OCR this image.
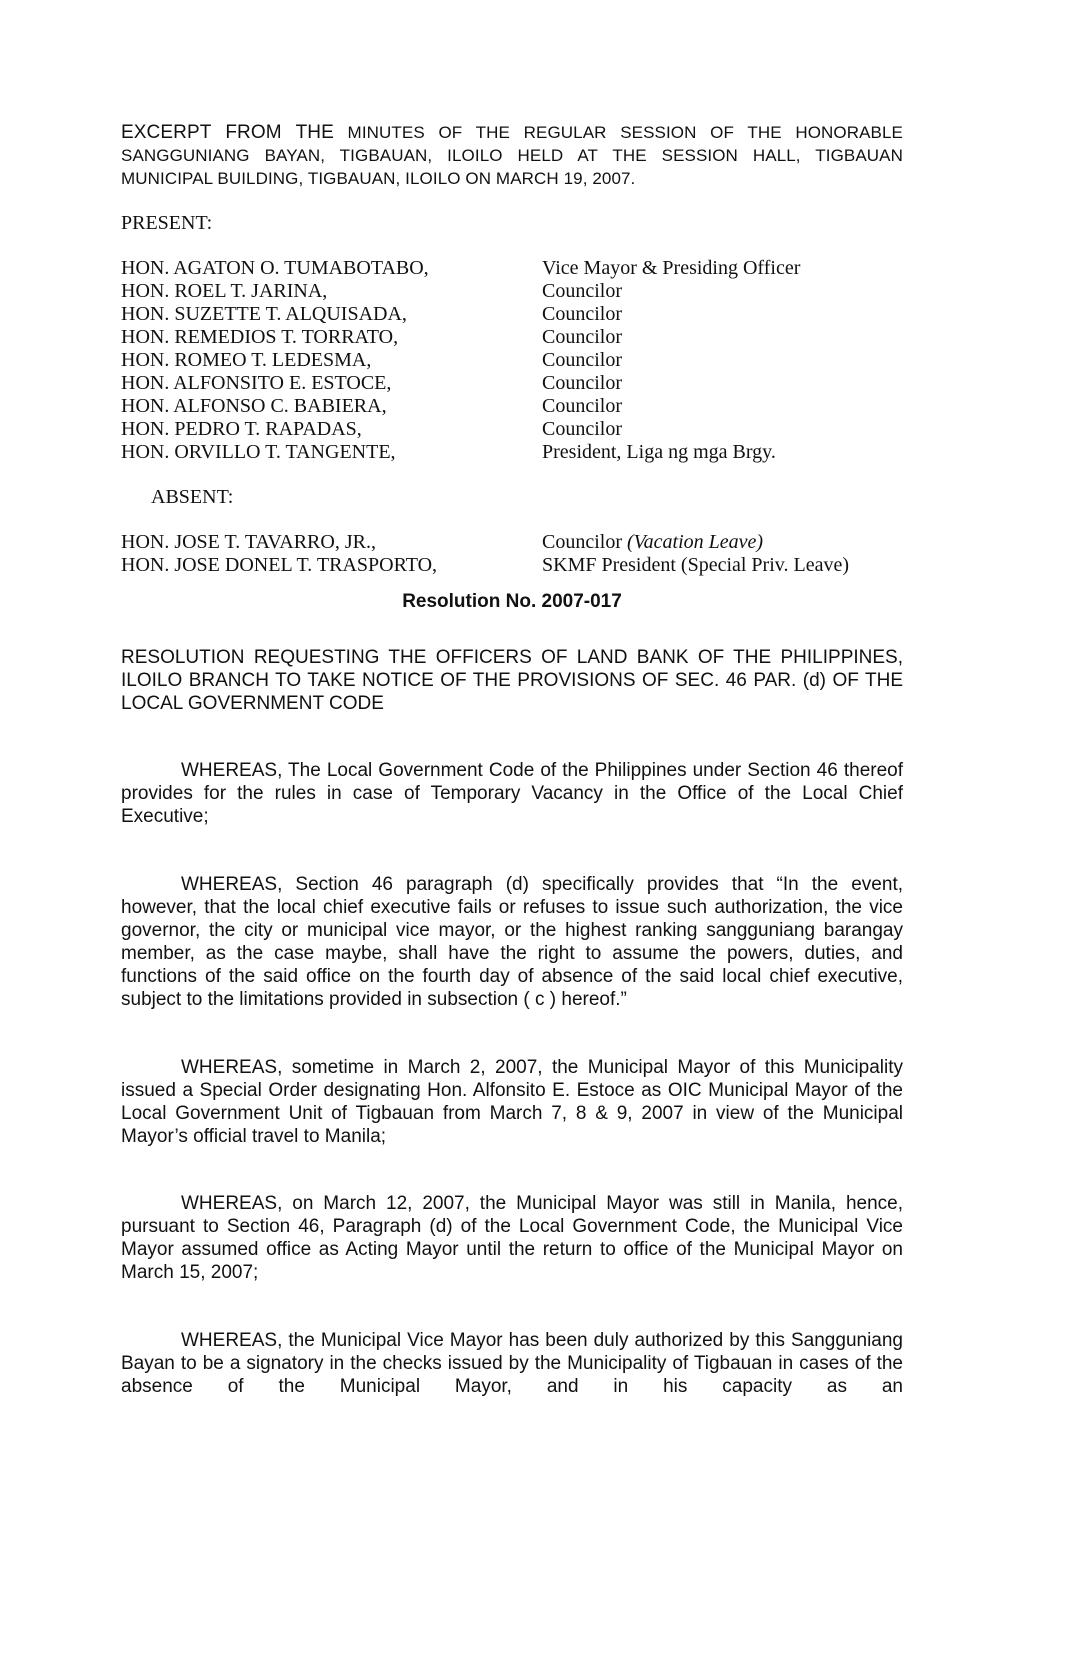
EXCERPT FROM THE MINUTES OF THE REGULAR SESSION OF THE HONORABLE SANGGUNIANG BAYAN, TIGBAUAN, ILOILO HELD AT THE SESSION HALL, TIGBAUAN MUNICIPAL BUILDING, TIGBAUAN, ILOILO ON MARCH 19, 2007.
PRESENT:
HON. AGATON O. TUMABOTABO,	Vice Mayor & Presiding Officer
HON. ROEL T. JARINA,	Councilor
HON. SUZETTE T. ALQUISADA,	Councilor
HON. REMEDIOS T. TORRATO,	Councilor
HON. ROMEO T. LEDESMA,	Councilor
HON. ALFONSITO E. ESTOCE,	Councilor
HON. ALFONSO C. BABIERA,	Councilor
HON. PEDRO T. RAPADAS,	Councilor
HON. ORVILLO T. TANGENTE,	President, Liga ng mga Brgy.
ABSENT:
HON. JOSE T. TAVARRO, JR.,	Councilor (Vacation Leave)
HON. JOSE DONEL T. TRASPORTO,	SKMF President (Special Priv. Leave)
Resolution No. 2007-017
RESOLUTION REQUESTING THE OFFICERS OF LAND BANK OF THE PHILIPPINES, ILOILO BRANCH TO TAKE NOTICE OF THE PROVISIONS OF SEC. 46 PAR. (d) OF THE LOCAL GOVERNMENT CODE
WHEREAS, The Local Government Code of the Philippines under Section 46 thereof provides for the rules in case of Temporary Vacancy in the Office of the Local Chief Executive;
WHEREAS, Section 46 paragraph (d) specifically provides that “In the event, however, that the local chief executive fails or refuses to issue such authorization, the vice governor, the city or municipal vice mayor, or the highest ranking sangguniang barangay member, as the case maybe, shall have the right to assume the powers, duties, and functions of the said office on the fourth day of absence of the said local chief executive, subject to the limitations provided in subsection ( c ) hereof.”
WHEREAS, sometime in March 2, 2007, the Municipal Mayor of this Municipality issued a Special Order designating Hon. Alfonsito E. Estoce as OIC Municipal Mayor of the Local Government Unit of Tigbauan from March 7, 8 & 9, 2007 in view of the Municipal Mayor’s official travel to Manila;
WHEREAS, on March 12, 2007, the Municipal Mayor was still in Manila, hence, pursuant to Section 46, Paragraph (d) of the Local Government Code, the Municipal Vice Mayor assumed office as Acting Mayor until the return to office of the Municipal Mayor on March 15, 2007;
WHEREAS, the Municipal Vice Mayor has been duly authorized by this Sangguniang Bayan to be a signatory in the checks issued by the Municipality of Tigbauan in cases of the absence of the Municipal Mayor, and in his capacity as an
